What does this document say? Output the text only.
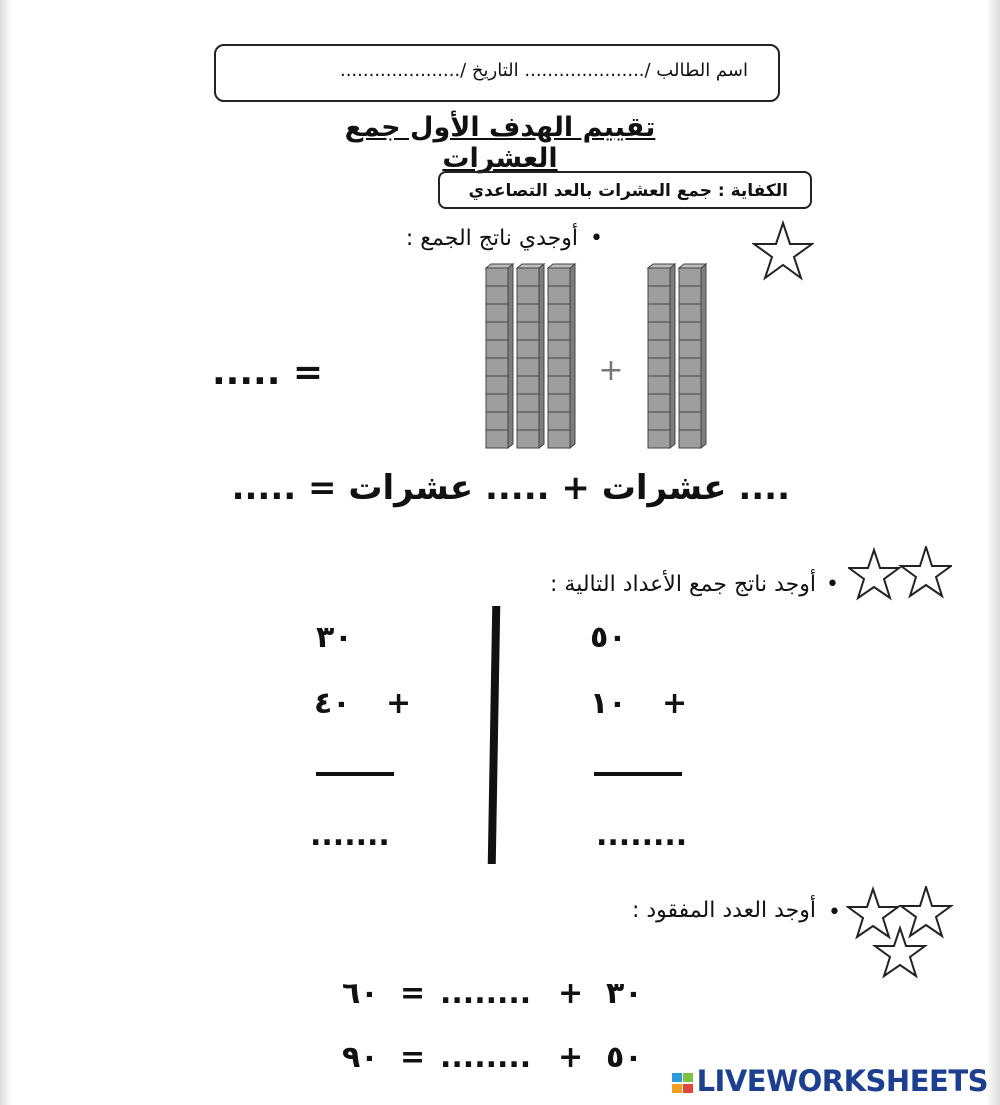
اسم الطالب /..................... التاريخ /.....................
تقييم الهدف الأول جمع العشرات
الكفاية : جمع العشرات بالعد التصاعدي
•
أوجدي ناتج الجمع :
+
..... =
.... عشرات + ..... عشرات = .....
•
أوجد ناتج جمع الأعداد التالية :
٥٠
+
١٠
........
٣٠
+
٤٠
.......
•
أوجد العدد المفقود :
٣٠
+
........
=
٦٠
٥٠
+
........
=
٩٠
LIVEWORKSHEETS
